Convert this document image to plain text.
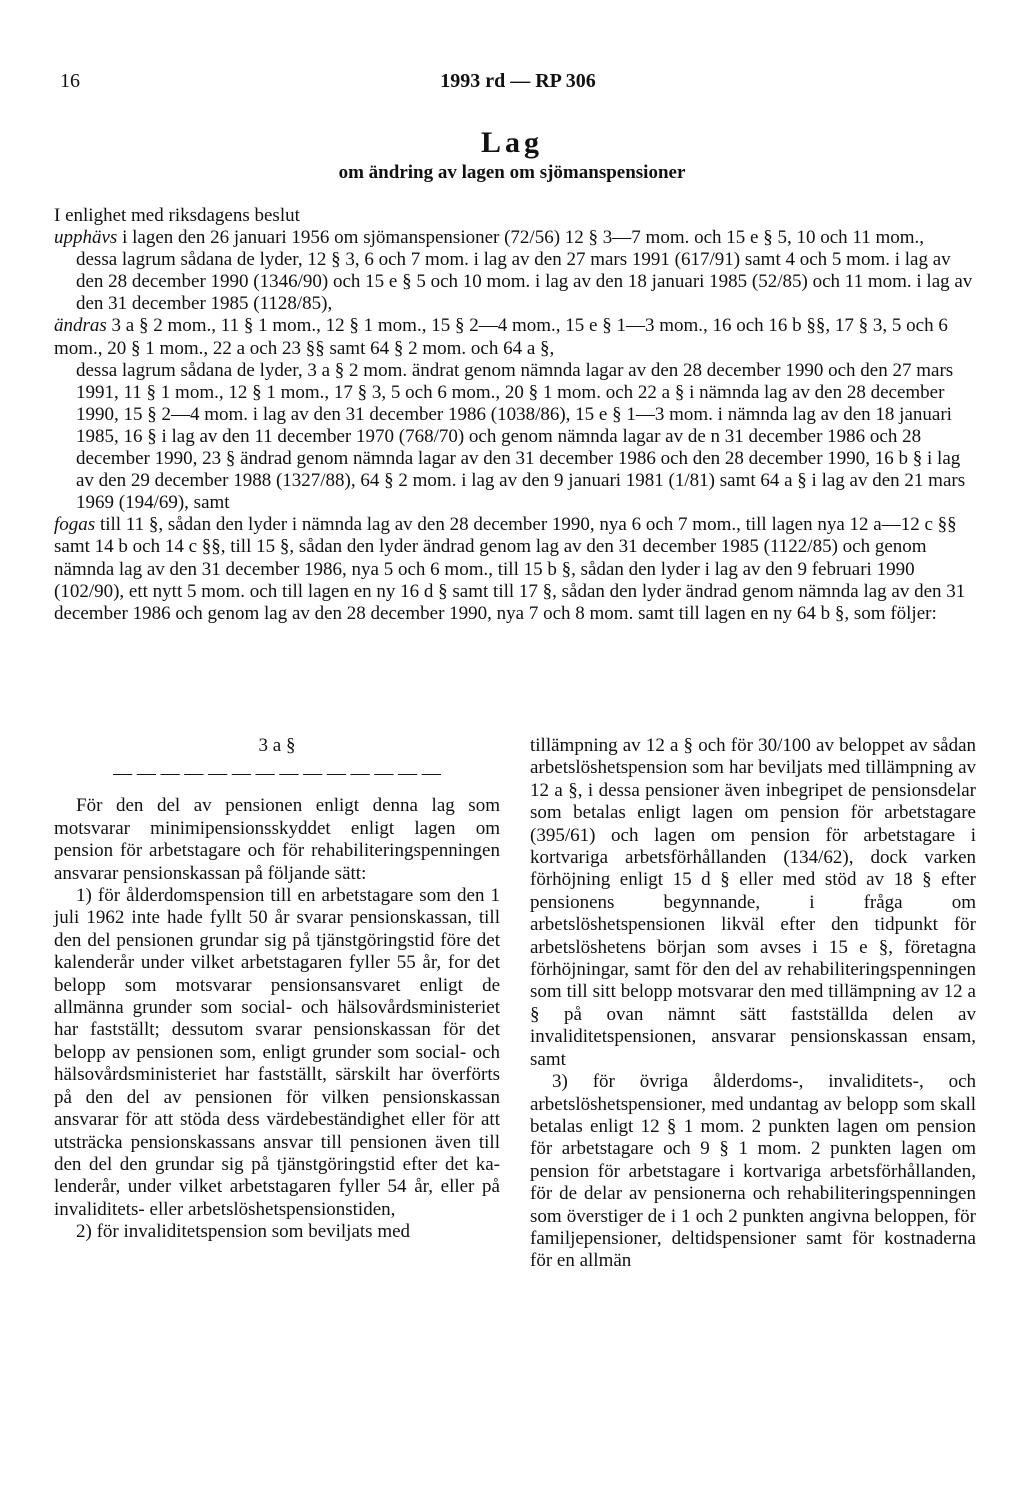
16	1993 rd — RP 306
Lag
om ändring av lagen om sjömanspensioner

I enlighet med riksdagens beslut

upphävs i lagen den 26 januari 1956 om sjömanspensioner (72/56) 12 § 3—7 mom. och 15 e § 5, 10 och 11 mom.,

dessa lagrum sådana de lyder, 12 § 3, 6 och 7 mom. i lag av den 27 mars 1991 (617/91) samt 4 och 5 mom. i lag av den 28 december 1990 (1346/90) och 15 e § 5 och 10 mom. i lag av den 18 januari 1985 (52/85) och 11 mom. i lag av den 31 december 1985 (1128/85),

ändras 3 a § 2 mom., 11 § 1 mom., 12 § 1 mom., 15 § 2—4 mom., 15 e § 1—3 mom., 16 och 16 b §§, 17 § 3, 5 och 6 mom., 20 § 1 mom., 22 a och 23 §§ samt 64 § 2 mom. och 64 a §,

dessa lagrum sådana de lyder, 3 a § 2 mom. ändrat genom nämnda lagar av den 28 december 1990 och den 27 mars 1991, 11 § 1 mom., 12 § 1 mom., 17 § 3, 5 och 6 mom., 20 § 1 mom. och 22 a § i nämnda lag av den 28 december 1990, 15 § 2—4 mom. i lag av den 31 december 1986 (1038/86), 15 e § 1—3 mom. i nämnda lag av den 18 januari 1985, 16 § i lag av den 11 december 1970 (768/70) och genom nämnda lagar av de n 31 december 1986 och 28 december 1990, 23 § ändrad genom nämnda lagar av den 31 december 1986 och den 28 december 1990, 16 b § i lag av den 29 december 1988 (1327/88), 64 § 2 mom. i lag av den 9 januari 1981 (1/81) samt 64 a § i lag av den 21 mars 1969 (194/69), samt

fogas till 11 §, sådan den lyder i nämnda lag av den 28 december 1990, nya 6 och 7 mom., till lagen nya 12 a—12 c §§ samt 14 b och 14 c §§, till 15 §, sådan den lyder ändrad genom lag av den 31 december 1985 (1122/85) och genom nämnda lag av den 31 december 1986, nya 5 och 6 mom., till 15 b §, sådan den lyder i lag av den 9 februari 1990 (102/90), ett nytt 5 mom. och till lagen en ny 16 d § samt till 17 §, sådan den lyder ändrad genom nämnda lag av den 31 december 1986 och genom lag av den 28 december 1990, nya 7 och 8 mom. samt till lagen en ny 64 b §, som följer:

3 a §
— — — — — — — — — — — — — —

För den del av pensionen enligt denna lag som motsvarar minimipensionsskyddet enligt lagen om pension för arbetstagare och för rehabiliteringspenningen ansvarar pensionskassan på följande sätt:

1) för ålderdomspension till en arbetstagare som den 1 juli 1962 inte hade fyllt 50 år svarar pensionskassan, till den del pensionen grundar sig på tjänstgöringstid före det kalenderår under vilket arbetstagaren fyller 55 år, for det belopp som motsvarar pensionsansvaret enligt de allmänna grunder som social- och hälsovårdsministeriet har fastställt; dessutom svarar pensionskassan för det belopp av pensionen som, enligt grunder som social- och hälsovårdsministeriet har fastställt, särskilt har överförts på den del av pensionen för vilken pensionskassan ansvarar för att stöda dess värdebeständighet eller för att utsträcka pensionskassans ansvar till pensionen även till den del den grundar sig på tjänstgöringstid efter det kalenderår, under vilket arbetstagaren fyller 54 år, eller på invaliditets- eller arbetslöshetspensionstiden,

2) för invaliditetspension som beviljats med

tillämpning av 12 a § och för 30/100 av beloppet av sådan arbetslöshetspension som har beviljats med tillämpning av 12 a §, i dessa pensioner även inbegripet de pensionsdelar som betalas enligt lagen om pension för arbetstagare (395/61) och lagen om pension för arbetstagare i kortvariga arbetsförhållanden (134/62), dock varken förhöjning enligt 15 d § eller med stöd av 18 § efter pensionens begynnande, i fråga om arbetslöshetspensionen likväl efter den tidpunkt för arbetslöshetens början som avses i 15 e §, företagna förhöjningar, samt för den del av rehabiliteringspenningen som till sitt belopp motsvarar den med tillämpning av 12 a § på ovan nämnt sätt fastställda delen av invaliditetspensionen, ansvarar pensionskassan ensam, samt

3) för övriga ålderdoms-, invaliditets-, och arbetslöshetspensioner, med undantag av belopp som skall betalas enligt 12 § 1 mom. 2 punkten lagen om pension för arbetstagare och 9 § 1 mom. 2 punkten lagen om pension för arbetstagare i kortvariga arbetsförhållanden, för de delar av pensionerna och rehabiliteringspenningen som överstiger de i 1 och 2 punkten angivna beloppen, för familjepensioner, deltidspensioner samt för kostnaderna för en allmän
